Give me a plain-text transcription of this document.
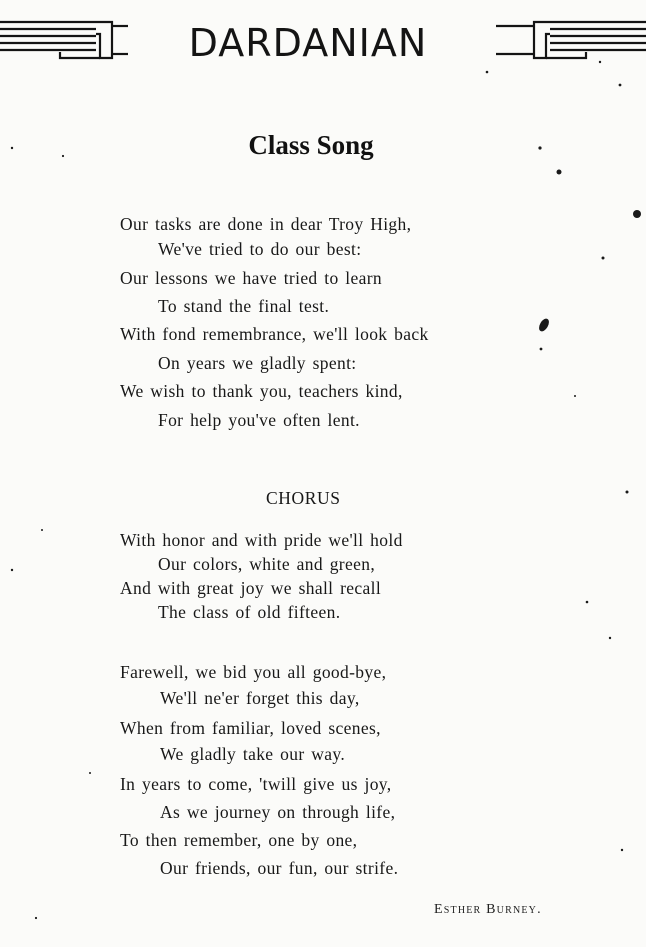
DARDANIAN
Class Song
Our tasks are done in dear Troy High,
We've tried to do our best:
Our lessons we have tried to learn
To stand the final test.
With fond remembrance, we'll look back
On years we gladly spent:
We wish to thank you, teachers kind,
For help you've often lent.
CHORUS
With honor and with pride we'll hold
Our colors, white and green,
And with great joy we shall recall
The class of old fifteen.
Farewell, we bid you all good-bye,
We'll ne'er forget this day,
When from familiar, loved scenes,
We gladly take our way.
In years to come, 'twill give us joy,
As we journey on through life,
To then remember, one by one,
Our friends, our fun, our strife.
Esther Burney.
